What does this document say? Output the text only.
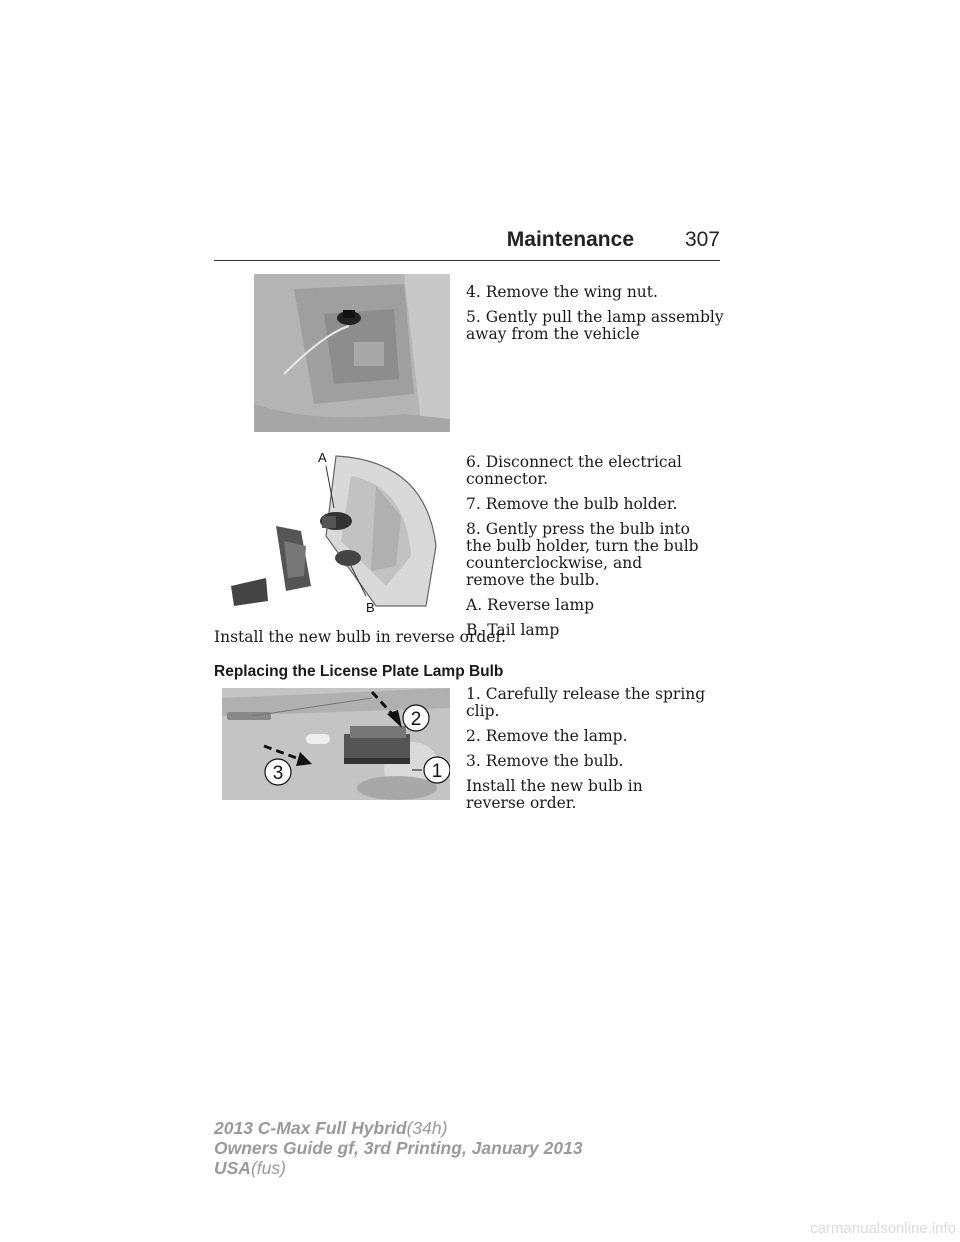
Maintenance 307

4. Remove the wing nut.

5. Gently pull the lamp assembly away from the vehicle

A
B

6. Disconnect the electrical connector.

7. Remove the bulb holder.

8. Gently press the bulb into the bulb holder, turn the bulb counterclockwise, and remove the bulb.

A. Reverse lamp

B. Tail lamp

Install the new bulb in reverse order.
Replacing the License Plate Lamp Bulb
2
1
3

1. Carefully release the spring clip.

2. Remove the lamp.

3. Remove the bulb.

Install the new bulb in reverse order.

2013 C-Max Full Hybrid(34h)
Owners Guide gf, 3rd Printing, January 2013
USA(fus)
carmanualsonline.info
